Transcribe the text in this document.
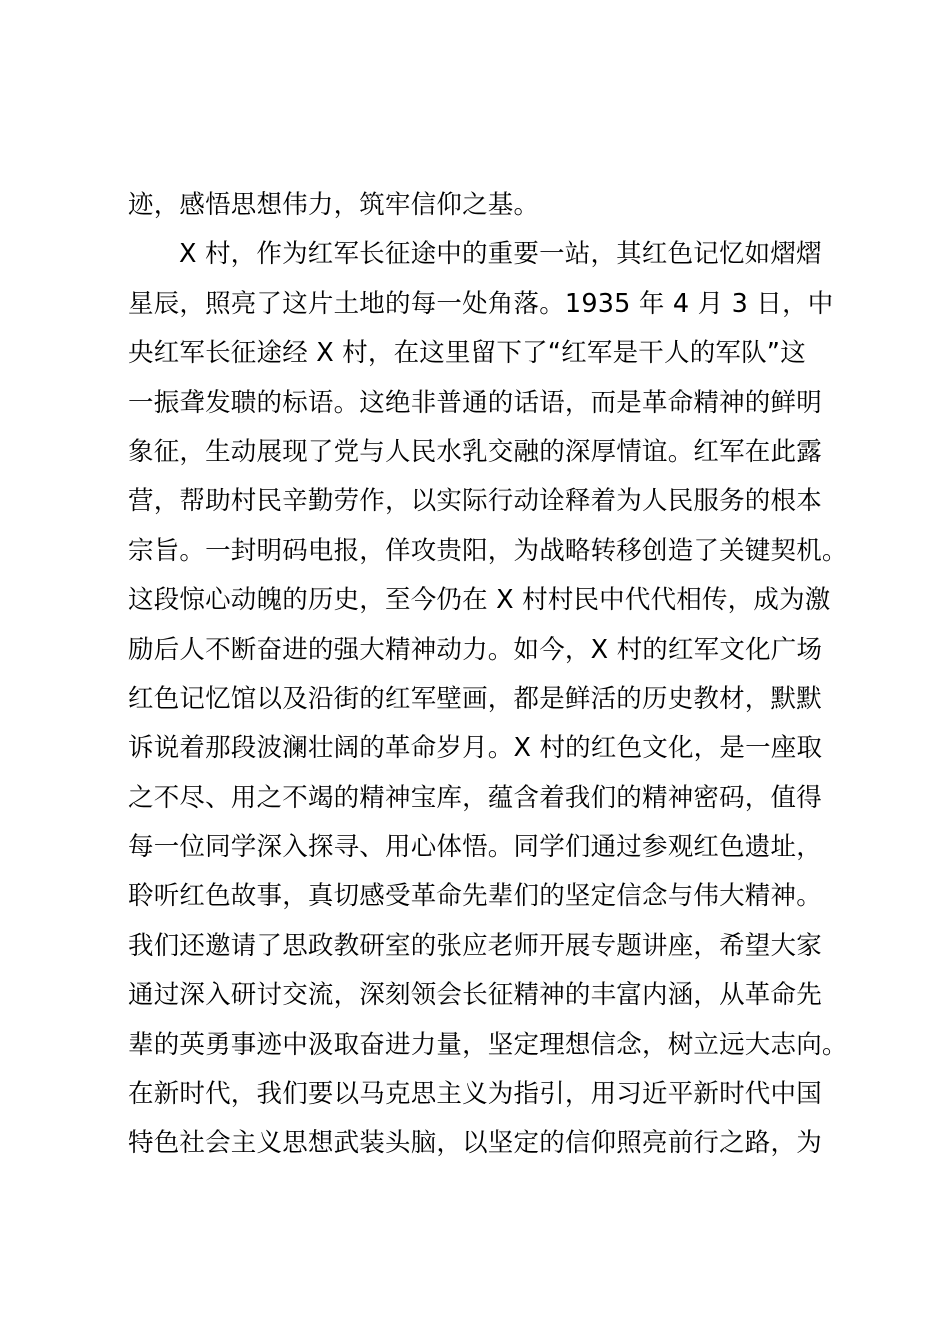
迹，感悟思想伟力，筑牢信仰之基。
X 村，作为红军长征途中的重要一站，其红色记忆如熠熠
星辰，照亮了这片土地的每一处角落。1935 年 4 月 3 日，中
央红军长征途经 X 村，在这里留下了“红军是干人的军队”这
一振聋发聩的标语。这绝非普通的话语，而是革命精神的鲜明
象征，生动展现了党与人民水乳交融的深厚情谊。红军在此露
营，帮助村民辛勤劳作，以实际行动诠释着为人民服务的根本
宗旨。一封明码电报，佯攻贵阳，为战略转移创造了关键契机。
这段惊心动魄的历史，至今仍在 X 村村民中代代相传，成为激
励后人不断奋进的强大精神动力。如今，X 村的红军文化广场
红色记忆馆以及沿街的红军壁画，都是鲜活的历史教材，默默
诉说着那段波澜壮阔的革命岁月。X 村的红色文化，是一座取
之不尽、用之不竭的精神宝库，蕴含着我们的精神密码，值得
每一位同学深入探寻、用心体悟。同学们通过参观红色遗址，
聆听红色故事，真切感受革命先辈们的坚定信念与伟大精神。
我们还邀请了思政教研室的张应老师开展专题讲座，希望大家
通过深入研讨交流，深刻领会长征精神的丰富内涵，从革命先
辈的英勇事迹中汲取奋进力量，坚定理想信念，树立远大志向。
在新时代，我们要以马克思主义为指引，用习近平新时代中国
特色社会主义思想武装头脑，以坚定的信仰照亮前行之路，为
